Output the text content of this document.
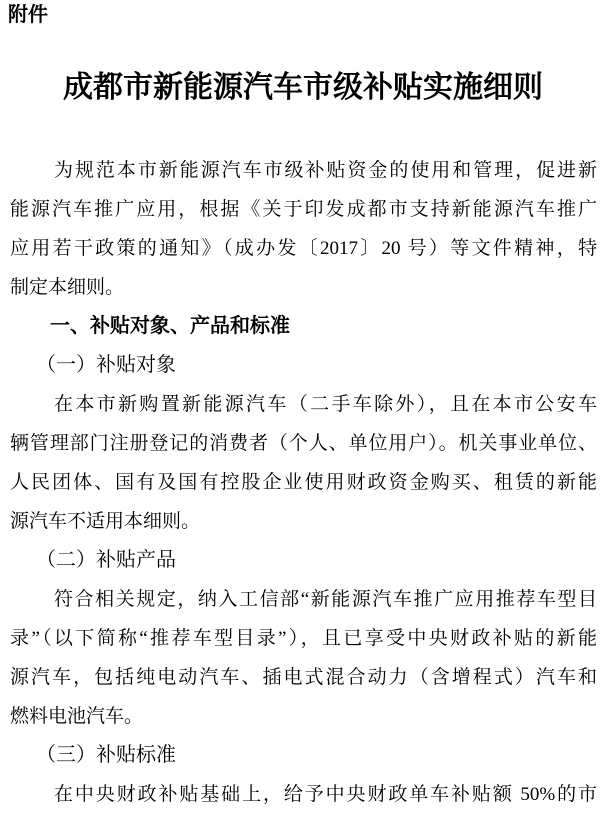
附件
成都市新能源汽车市级补贴实施细则
为规范本市新能源汽车市级补贴资金的使用和管理，促进新
能源汽车推广应用，根据《关于印发成都市支持新能源汽车推广
应用若干政策的通知》（成办发〔2017〕20 号）等文件精神，特
制定本细则。
一、补贴对象、产品和标准
（一）补贴对象
在本市新购置新能源汽车（二手车除外），且在本市公安车
辆管理部门注册登记的消费者（个人、单位用户）。机关事业单位、
人民团体、国有及国有控股企业使用财政资金购买、租赁的新能
源汽车不适用本细则。
（二）补贴产品
符合相关规定，纳入工信部“新能源汽车推广应用推荐车型目
录”（以下简称“推荐车型目录”），且已享受中央财政补贴的新能
源汽车，包括纯电动汽车、插电式混合动力（含增程式）汽车和
燃料电池汽车。
（三）补贴标准
在中央财政补贴基础上，给予中央财政单车补贴额 50%的市
